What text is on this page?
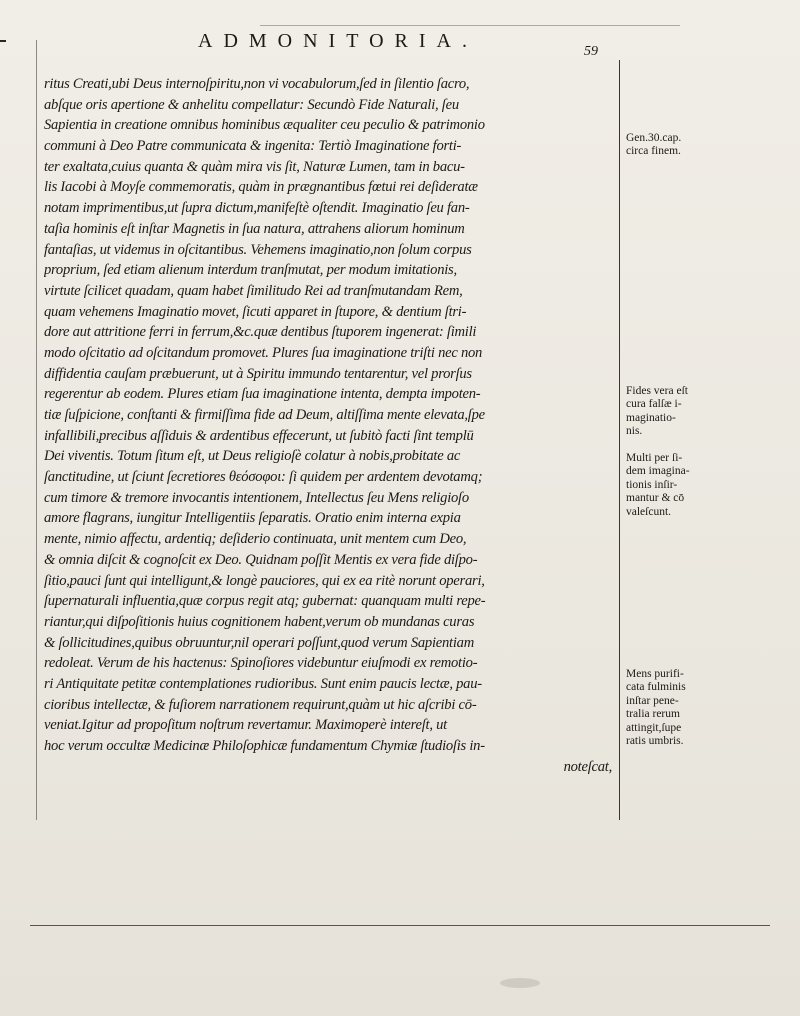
ADMONITORIA.	59
ritus Creati,ubi Deus internoſpiritu,non vi vocabulorum,ſed in ſilentio ſacro,
abſque oris apertione & anhelitu compellatur: Secundò Fide Naturali, ſeu
Sapientia in creatione omnibus hominibus æqualiter ceu peculio & patrimonio
communi à Deo Patre communicata & ingenita: Tertiò Imaginatione forti-
ter exaltata,cuius quanta & quàm mira vis ſit, Naturæ Lumen, tam in bacu-
lis Iacobi à Moyſe commemoratis, quàm in prægnantibus fœtui rei deſideratæ
notam imprimentibus,ut ſupra dictum,manifeſtè oſtendit. Imaginatio ſeu fan-
taſia hominis eſt inſtar Magnetis in ſua natura, attrahens aliorum hominum
fantaſias, ut videmus in oſcitantibus. Vehemens imaginatio,non ſolum corpus
proprium, ſed etiam alienum interdum tranſmutat, per modum imitationis,
virtute ſcilicet quadam, quam habet ſimilitudo Rei ad tranſmutandam Rem,
quam vehemens Imaginatio movet, ſicuti apparet in ſtupore, & dentium ſtri-
dore aut attritione ferri in ferrum,&c.quæ dentibus ſtuporem ingenerat: ſimili
modo oſcitatio ad oſcitandum promovet. Plures ſua imaginatione triſti nec non
diffidentia cauſam præbuerunt, ut à Spiritu immundo tentarentur, vel prorſus
regerentur ab eodem. Plures etiam ſua imaginatione intenta, dempta impoten-
tiæ ſuſpicione, conſtanti & firmiſſima fide ad Deum, altiſſima mente elevata,ſpe
infallibili,precibus aſſiduis & ardentibus effecerunt, ut ſubitò facti ſint templū
Dei viventis. Totum ſitum eſt, ut Deus religioſè colatur à nobis,probitate ac
ſanctitudine, ut ſciunt ſecretiores θεόσοφοι: ſi quidem per ardentem devotamq;
cum timore & tremore invocantis intentionem, Intellectus ſeu Mens religioſo
amore flagrans, iungitur Intelligentiis ſeparatis. Oratio enim interna expia
mente, nimio affectu, ardentiq; deſiderio continuata, unit mentem cum Deo,
& omnia diſcit & cognoſcit ex Deo. Quidnam poſſit Mentis ex vera fide diſpo-
ſitio,pauci ſunt qui intelligunt,& longè pauciores, qui ex ea ritè norunt operari,
ſupernaturali influentia,quæ corpus regit atq; gubernat: quanquam multi repe-
riantur,qui diſpoſitionis huius cognitionem habent,verum ob mundanas curas
& ſollicitudines,quibus obruuntur,nil operari poſſunt,quod verum Sapientiam
redoleat. Verum de his hactenus: Spinoſiores videbuntur eiuſmodi ex remotio-
ri Antiquitate petitæ contemplationes rudioribus. Sunt enim paucis lectæ, pau-
cioribus intellectæ, & fuſiorem narrationem requirunt,quàm ut hic aſcribi cō-
veniat.Igitur ad propoſitum noſtrum revertamur. Maximoperè intereſt, ut
hoc verum occultæ Medicinæ Philoſophicæ fundamentum Chymiæ ſtudioſis in-
noteſcat,
Gen.30.cap.
circa finem.
Fides vera eſt
cura falſæ i-
maginatio-
nis.
Multi per ſi-
dem imagina-
tionis inſir-
mantur & cō
valeſcunt.
Mens purifi-
cata fulminis
inſtar pene-
tralia rerum
attingit,ſupe
ratis umbris.
